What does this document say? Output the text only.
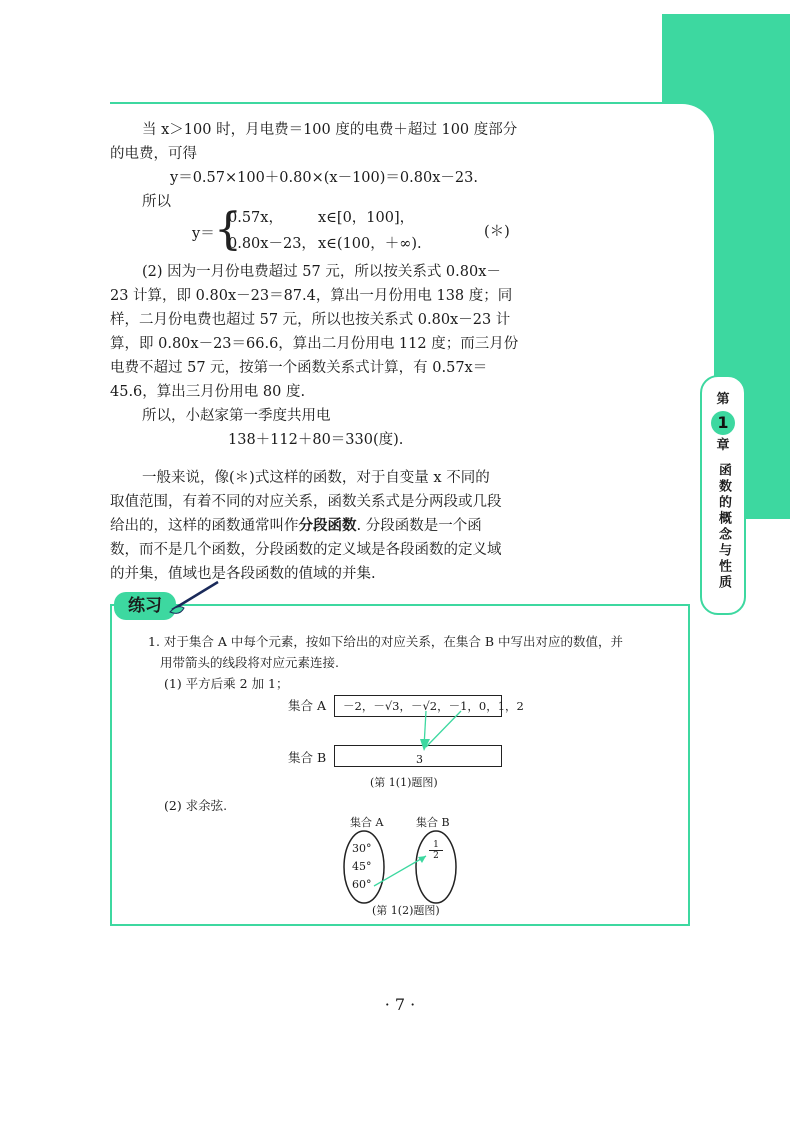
第
1
章
函数的概念与性质
当 x＞100 时，月电费＝100 度的电费＋超过 100 度部分
的电费，可得
y＝0.57×100＋0.80×(x－100)＝0.80x－23.
所以
y＝ {
0.57x， x∈[0，100]，
0.80x－23， x∈(100，＋∞).
(＊)
(2) 因为一月份电费超过 57 元，所以按关系式 0.80x－
23 计算，即 0.80x－23＝87.4，算出一月份用电 138 度；同
样，二月份电费也超过 57 元，所以也按关系式 0.80x－23 计
算，即 0.80x－23＝66.6，算出二月份用电 112 度；而三月份
电费不超过 57 元，按第一个函数关系式计算，有 0.57x＝
45.6，算出三月份用电 80 度.
所以，小赵家第一季度共用电
138＋112＋80＝330(度).
一般来说，像(＊)式这样的函数，对于自变量 x 不同的
取值范围，有着不同的对应关系，函数关系式是分两段或几段
给出的，这样的函数通常叫作分段函数. 分段函数是一个函
数，而不是几个函数，分段函数的定义域是各段函数的定义域
的并集，值域也是各段函数的值域的并集.
练习
1. 对于集合 A 中每个元素，按如下给出的对应关系，在集合 B 中写出对应的数值，并
用带箭头的线段将对应元素连接.
(1) 平方后乘 2 加 1；
集合 A －2，－√3，－√2，－1，0，1，2
集合 B	3
(第 1(1)题图)
(2) 求余弦.
集合 A	集合 B
30°
45°
60°
$\frac{1}{2}$
(第 1(2)题图)
· 7 ·
